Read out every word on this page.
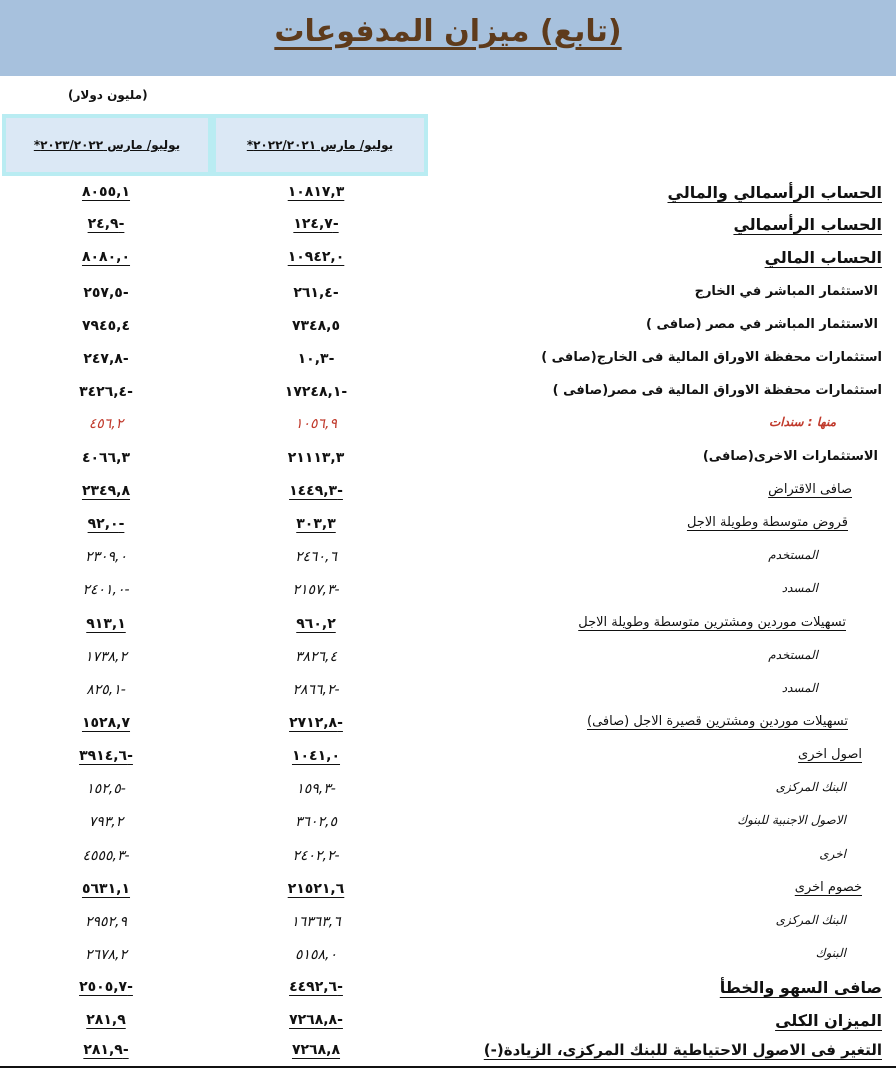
(تابع) ميزان المدفوعات
(مليون دولار)
يوليو/ مارس ٢٠٢٢/٢٠٢١*
يوليو/ مارس ٢٠٢٣/٢٠٢٢*
الحساب الرأسمالي والمالي
١٠٨١٧,٣
٨٠٥٥,١
الحساب الرأسمالي
١٢٤,٧-
٢٤,٩-
الحساب المالي
١٠٩٤٢,٠
٨٠٨٠,٠
الاستثمار المباشر في الخارج
٢٦١,٤-
٢٥٧,٥-
الاستثمار المباشر في مصر (صافى )
٧٣٤٨,٥
٧٩٤٥,٤
استثمارات محفظة الاوراق المالية فى الخارج(صافى )
١٠,٣-
٢٤٧,٨-
استثمارات محفظة الاوراق المالية فى مصر(صافى )
١٧٢٤٨,١-
٣٤٢٦,٤-
منها : سندات
١٠٥٦,٩
٤٥٦,٢
الاستثمارات الاخرى(صافى)
٢١١١٣,٣
٤٠٦٦,٣
صافى الاقتراض
١٤٤٩,٣-
٢٣٤٩,٨
قروض متوسطة وطويلة الاجل
٣٠٣,٣
٩٢,٠-
المستخدم
٢٤٦٠,٦
٢٣٠٩,٠
المسدد
٢١٥٧,٣-
٢٤٠١,٠-
تسهيلات موردين ومشترين متوسطة وطويلة الاجل
٩٦٠,٢
٩١٣,١
المستخدم
٣٨٢٦,٤
١٧٣٨,٢
المسدد
٢٨٦٦,٢-
٨٢٥,١-
تسهيلات موردين ومشترين قصيرة الاجل (صافى)
٢٧١٢,٨-
١٥٢٨,٧
اصول اخرى
١٠٤١,٠
٣٩١٤,٦-
البنك المركزى
١٥٩,٣-
١٥٢,٥-
الاصول الاجنبية للبنوك
٣٦٠٢,٥
٧٩٣,٢
اخرى
٢٤٠٢,٢-
٤٥٥٥,٣-
خصوم اخرى
٢١٥٢١,٦
٥٦٣١,١
البنك المركزى
١٦٣٦٣,٦
٢٩٥٢,٩
البنوك
٥١٥٨,٠
٢٦٧٨,٢
صافى السهو والخطأ
٤٤٩٢,٦-
٢٥٠٥,٧-
الميزان الكلى
٧٢٦٨,٨-
٢٨١,٩
التغير فى الاصول الاحتياطية للبنك المركزى، الزيادة(-)
٧٢٦٨,٨
٢٨١,٩-
